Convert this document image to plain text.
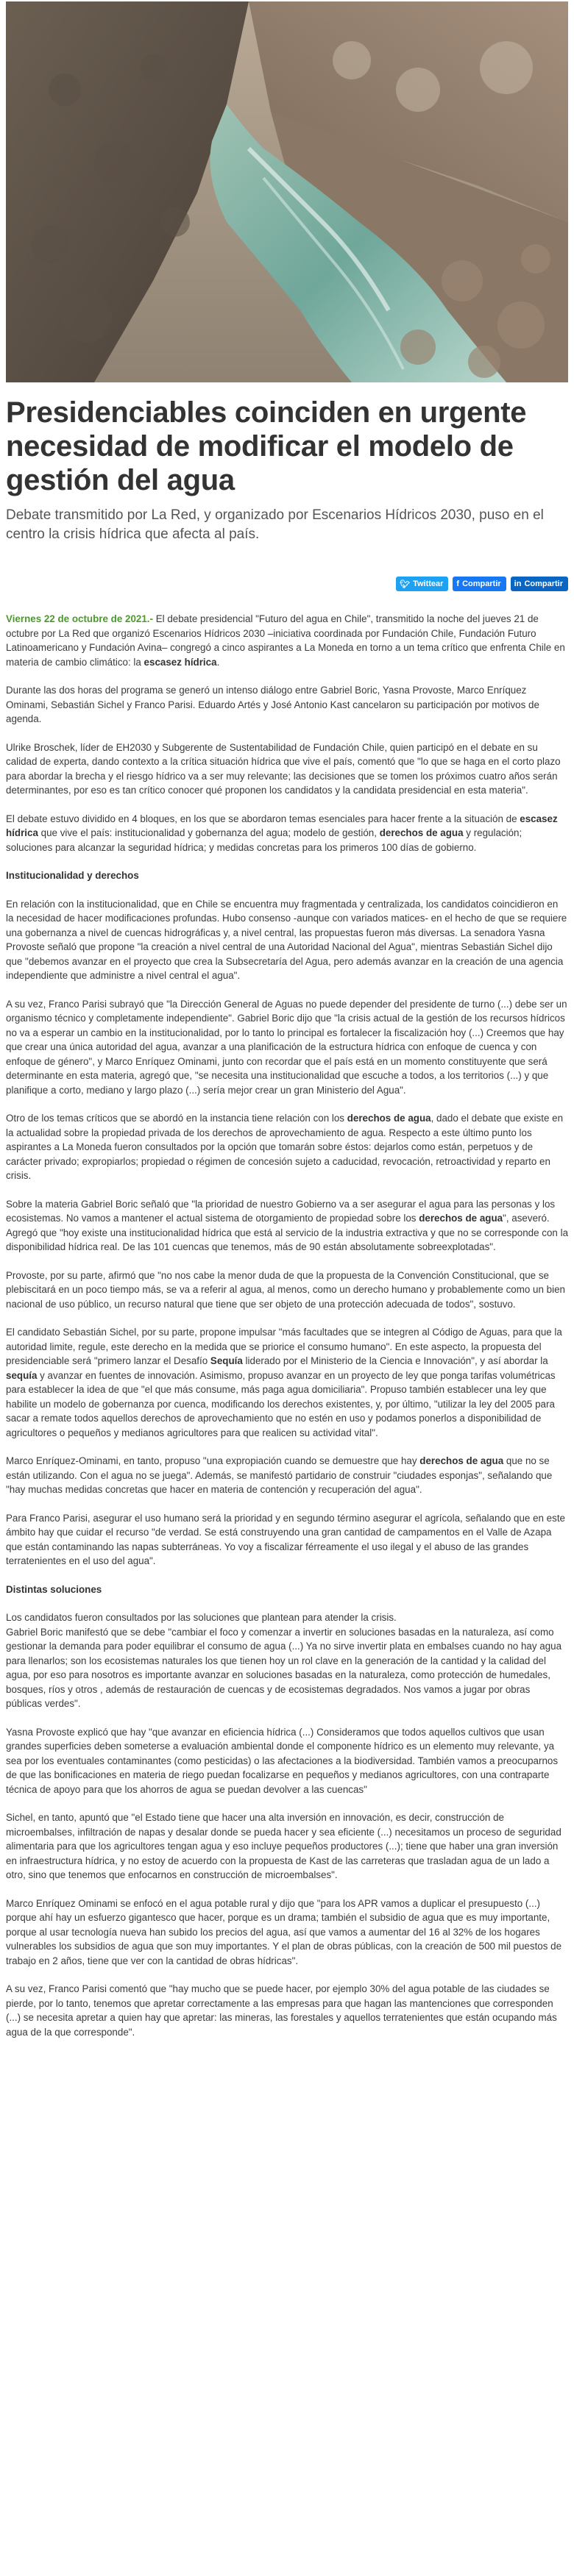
Presidenciables coinciden en urgente necesidad de modificar el modelo de gestión del agua

Debate transmitido por La Red, y organizado por Escenarios Hídricos 2030, puso en el centro la crisis hídrica que afecta al país.

🐦︎ Twittear f Compartir in Compartir

Viernes 22 de octubre de 2021.- El debate presidencial "Futuro del agua en Chile", transmitido la noche del jueves 21 de octubre por La Red que organizó Escenarios Hídricos 2030 –iniciativa coordinada por Fundación Chile, Fundación Futuro Latinoamericano y Fundación Avina– congregó a cinco aspirantes a La Moneda en torno a un tema crítico que enfrenta Chile en materia de cambio climático: la escasez hídrica.

Durante las dos horas del programa se generó un intenso diálogo entre Gabriel Boric, Yasna Provoste, Marco Enríquez Ominami, Sebastián Sichel y Franco Parisi. Eduardo Artés y José Antonio Kast cancelaron su participación por motivos de agenda.

Ulrike Broschek, líder de EH2030 y Subgerente de Sustentabilidad de Fundación Chile, quien participó en el debate en su calidad de experta, dando contexto a la crítica situación hídrica que vive el país, comentó que "lo que se haga en el corto plazo para abordar la brecha y el riesgo hídrico va a ser muy relevante; las decisiones que se tomen los próximos cuatro años serán determinantes, por eso es tan crítico conocer qué proponen los candidatos y la candidata presidencial en esta materia".

El debate estuvo dividido en 4 bloques, en los que se abordaron temas esenciales para hacer frente a la situación de escasez hídrica que vive el país: institucionalidad y gobernanza del agua; modelo de gestión, derechos de agua y regulación; soluciones para alcanzar la seguridad hídrica; y medidas concretas para los primeros 100 días de gobierno.

Institucionalidad y derechos

En relación con la institucionalidad, que en Chile se encuentra muy fragmentada y centralizada, los candidatos coincidieron en la necesidad de hacer modificaciones profundas. Hubo consenso -aunque con variados matices- en el hecho de que se requiere una gobernanza a nivel de cuencas hidrográficas y, a nivel central, las propuestas fueron más diversas. La senadora Yasna Provoste señaló que propone "la creación a nivel central de una Autoridad Nacional del Agua", mientras Sebastián Sichel dijo que "debemos avanzar en el proyecto que crea la Subsecretaría del Agua, pero además avanzar en la creación de una agencia independiente que administre a nivel central el agua".

A su vez, Franco Parisi subrayó que "la Dirección General de Aguas no puede depender del presidente de turno (...) debe ser un organismo técnico y completamente independiente". Gabriel Boric dijo que "la crisis actual de la gestión de los recursos hídricos no va a esperar un cambio en la institucionalidad, por lo tanto lo principal es fortalecer la fiscalización hoy (...) Creemos que hay que crear una única autoridad del agua, avanzar a una planificación de la estructura hídrica con enfoque de cuenca y con enfoque de género", y Marco Enríquez Ominami, junto con recordar que el país está en un momento constituyente que será determinante en esta materia, agregó que, "se necesita una institucionalidad que escuche a todos, a los territorios (...) y que planifique a corto, mediano y largo plazo (...) sería mejor crear un gran Ministerio del Agua".

Otro de los temas críticos que se abordó en la instancia tiene relación con los derechos de agua, dado el debate que existe en la actualidad sobre la propiedad privada de los derechos de aprovechamiento de agua. Respecto a este último punto los aspirantes a La Moneda fueron consultados por la opción que tomarán sobre éstos: dejarlos como están, perpetuos y de carácter privado; expropiarlos; propiedad o régimen de concesión sujeto a caducidad, revocación, retroactividad y reparto en crisis.

Sobre la materia Gabriel Boric señaló que "la prioridad de nuestro Gobierno va a ser asegurar el agua para las personas y los ecosistemas. No vamos a mantener el actual sistema de otorgamiento de propiedad sobre los derechos de agua", aseveró. Agregó que "hoy existe una institucionalidad hídrica que está al servicio de la industria extractiva y que no se corresponde con la disponibilidad hídrica real. De las 101 cuencas que tenemos, más de 90 están absolutamente sobreexplotadas".

Provoste, por su parte, afirmó que "no nos cabe la menor duda de que la propuesta de la Convención Constitucional, que se plebiscitará en un poco tiempo más, se va a referir al agua, al menos, como un derecho humano y probablemente como un bien nacional de uso público, un recurso natural que tiene que ser objeto de una protección adecuada de todos", sostuvo.

El candidato Sebastián Sichel, por su parte, propone impulsar "más facultades que se integren al Código de Aguas, para que la autoridad limite, regule, este derecho en la medida que se priorice el consumo humano". En este aspecto, la propuesta del presidenciable será "primero lanzar el Desafío Sequía liderado por el Ministerio de la Ciencia e Innovación", y así abordar la sequía y avanzar en fuentes de innovación. Asimismo, propuso avanzar en un proyecto de ley que ponga tarifas volumétricas para establecer la idea de que "el que más consume, más paga agua domiciliaria". Propuso también establecer una ley que habilite un modelo de gobernanza por cuenca, modificando los derechos existentes, y, por último, "utilizar la ley del 2005 para sacar a remate todos aquellos derechos de aprovechamiento que no estén en uso y podamos ponerlos a disponibilidad de agricultores o pequeños y medianos agricultores para que realicen su actividad vital".

Marco Enríquez-Ominami, en tanto, propuso "una expropiación cuando se demuestre que hay derechos de agua que no se están utilizando. Con el agua no se juega". Además, se manifestó partidario de construir "ciudades esponjas", señalando que "hay muchas medidas concretas que hacer en materia de contención y recuperación del agua".

Para Franco Parisi, asegurar el uso humano será la prioridad y en segundo término asegurar el agrícola, señalando que en este ámbito hay que cuidar el recurso "de verdad. Se está construyendo una gran cantidad de campamentos en el Valle de Azapa que están contaminando las napas subterráneas. Yo voy a fiscalizar férreamente el uso ilegal y el abuso de las grandes terratenientes en el uso del agua".

Distintas soluciones

Los candidatos fueron consultados por las soluciones que plantean para atender la crisis.
Gabriel Boric manifestó que se debe "cambiar el foco y comenzar a invertir en soluciones basadas en la naturaleza, así como gestionar la demanda para poder equilibrar el consumo de agua (...) Ya no sirve invertir plata en embalses cuando no hay agua para llenarlos; son los ecosistemas naturales los que tienen hoy un rol clave en la generación de la cantidad y la calidad del agua, por eso para nosotros es importante avanzar en soluciones basadas en la naturaleza, como protección de humedales, bosques, ríos y otros , además de restauración de cuencas y de ecosistemas degradados. Nos vamos a jugar por obras públicas verdes".

Yasna Provoste explicó que hay "que avanzar en eficiencia hídrica (...) Consideramos que todos aquellos cultivos que usan grandes superficies deben someterse a evaluación ambiental donde el componente hídrico es un elemento muy relevante, ya sea por los eventuales contaminantes (como pesticidas) o las afectaciones a la biodiversidad. También vamos a preocuparnos de que las bonificaciones en materia de riego puedan focalizarse en pequeños y medianos agricultores, con una contraparte técnica de apoyo para que los ahorros de agua se puedan devolver a las cuencas"

Sichel, en tanto, apuntó que "el Estado tiene que hacer una alta inversión en innovación, es decir, construcción de microembalses, infiltración de napas y desalar donde se pueda hacer y sea eficiente (...) necesitamos un proceso de seguridad alimentaria para que los agricultores tengan agua y eso incluye pequeños productores (...); tiene que haber una gran inversión en infraestructura hídrica, y no estoy de acuerdo con la propuesta de Kast de las carreteras que trasladan agua de un lado a otro, sino que tenemos que enfocarnos en construcción de microembalses".

Marco Enríquez Ominami se enfocó en el agua potable rural y dijo que "para los APR vamos a duplicar el presupuesto (...) porque ahí hay un esfuerzo gigantesco que hacer, porque es un drama; también el subsidio de agua que es muy importante, porque al usar tecnología nueva han subido los precios del agua, así que vamos a aumentar del 16 al 32% de los hogares vulnerables los subsidios de agua que son muy importantes. Y el plan de obras públicas, con la creación de 500 mil puestos de trabajo en 2 años, tiene que ver con la cantidad de obras hídricas".

A su vez, Franco Parisi comentó que "hay mucho que se puede hacer, por ejemplo 30% del agua potable de las ciudades se pierde, por lo tanto, tenemos que apretar correctamente a las empresas para que hagan las mantenciones que corresponden (...) se necesita apretar a quien hay que apretar: las mineras, las forestales y aquellos terratenientes que están ocupando más agua de la que corresponde".
